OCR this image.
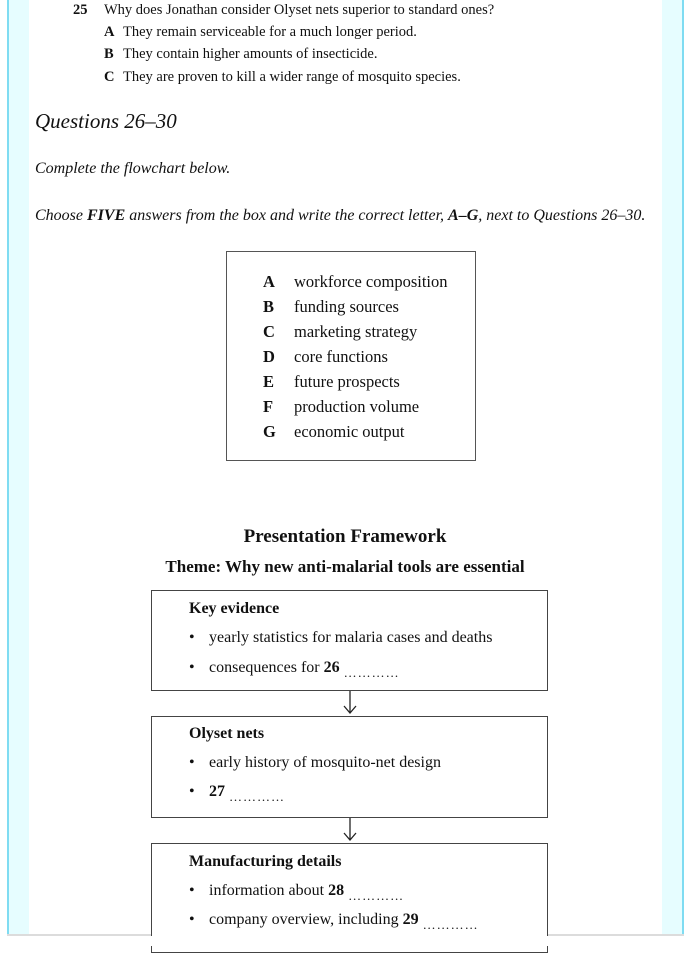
25 Why does Jonathan consider Olyset nets superior to standard ones?
A They remain serviceable for a much longer period.
B They contain higher amounts of insecticide.
C They are proven to kill a wider range of mosquito species.
Questions 26–30
Complete the flowchart below.
Choose FIVE answers from the box and write the correct letter, A–G, next to Questions 26–30.
A workforce composition
B funding sources
C marketing strategy
D core functions
E future prospects
F production volume
G economic output
Presentation Framework
Theme: Why new anti-malarial tools are essential
Key evidence
• yearly statistics for malaria cases and deaths
• consequences for 26 …………
Olyset nets
• early history of mosquito-net design
• 27 …………
Manufacturing details
• information about 28 …………
• company overview, including 29 …………
